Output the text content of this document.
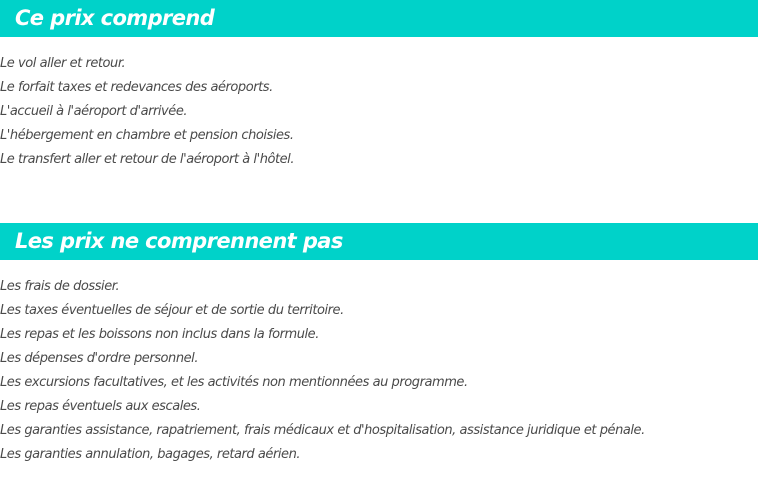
Ce prix comprend
Le vol aller et retour.
Le forfait taxes et redevances des aéroports.
L'accueil à l'aéroport d'arrivée.
L'hébergement en chambre et pension choisies.
Le transfert aller et retour de l'aéroport à l'hôtel.
Les prix ne comprennent pas
Les frais de dossier.
Les taxes éventuelles de séjour et de sortie du territoire.
Les repas et les boissons non inclus dans la formule.
Les dépenses d'ordre personnel.
Les excursions facultatives, et les activités non mentionnées au programme.
Les repas éventuels aux escales.
Les garanties assistance, rapatriement, frais médicaux et d'hospitalisation, assistance juridique et pénale.
Les garanties annulation, bagages, retard aérien.
